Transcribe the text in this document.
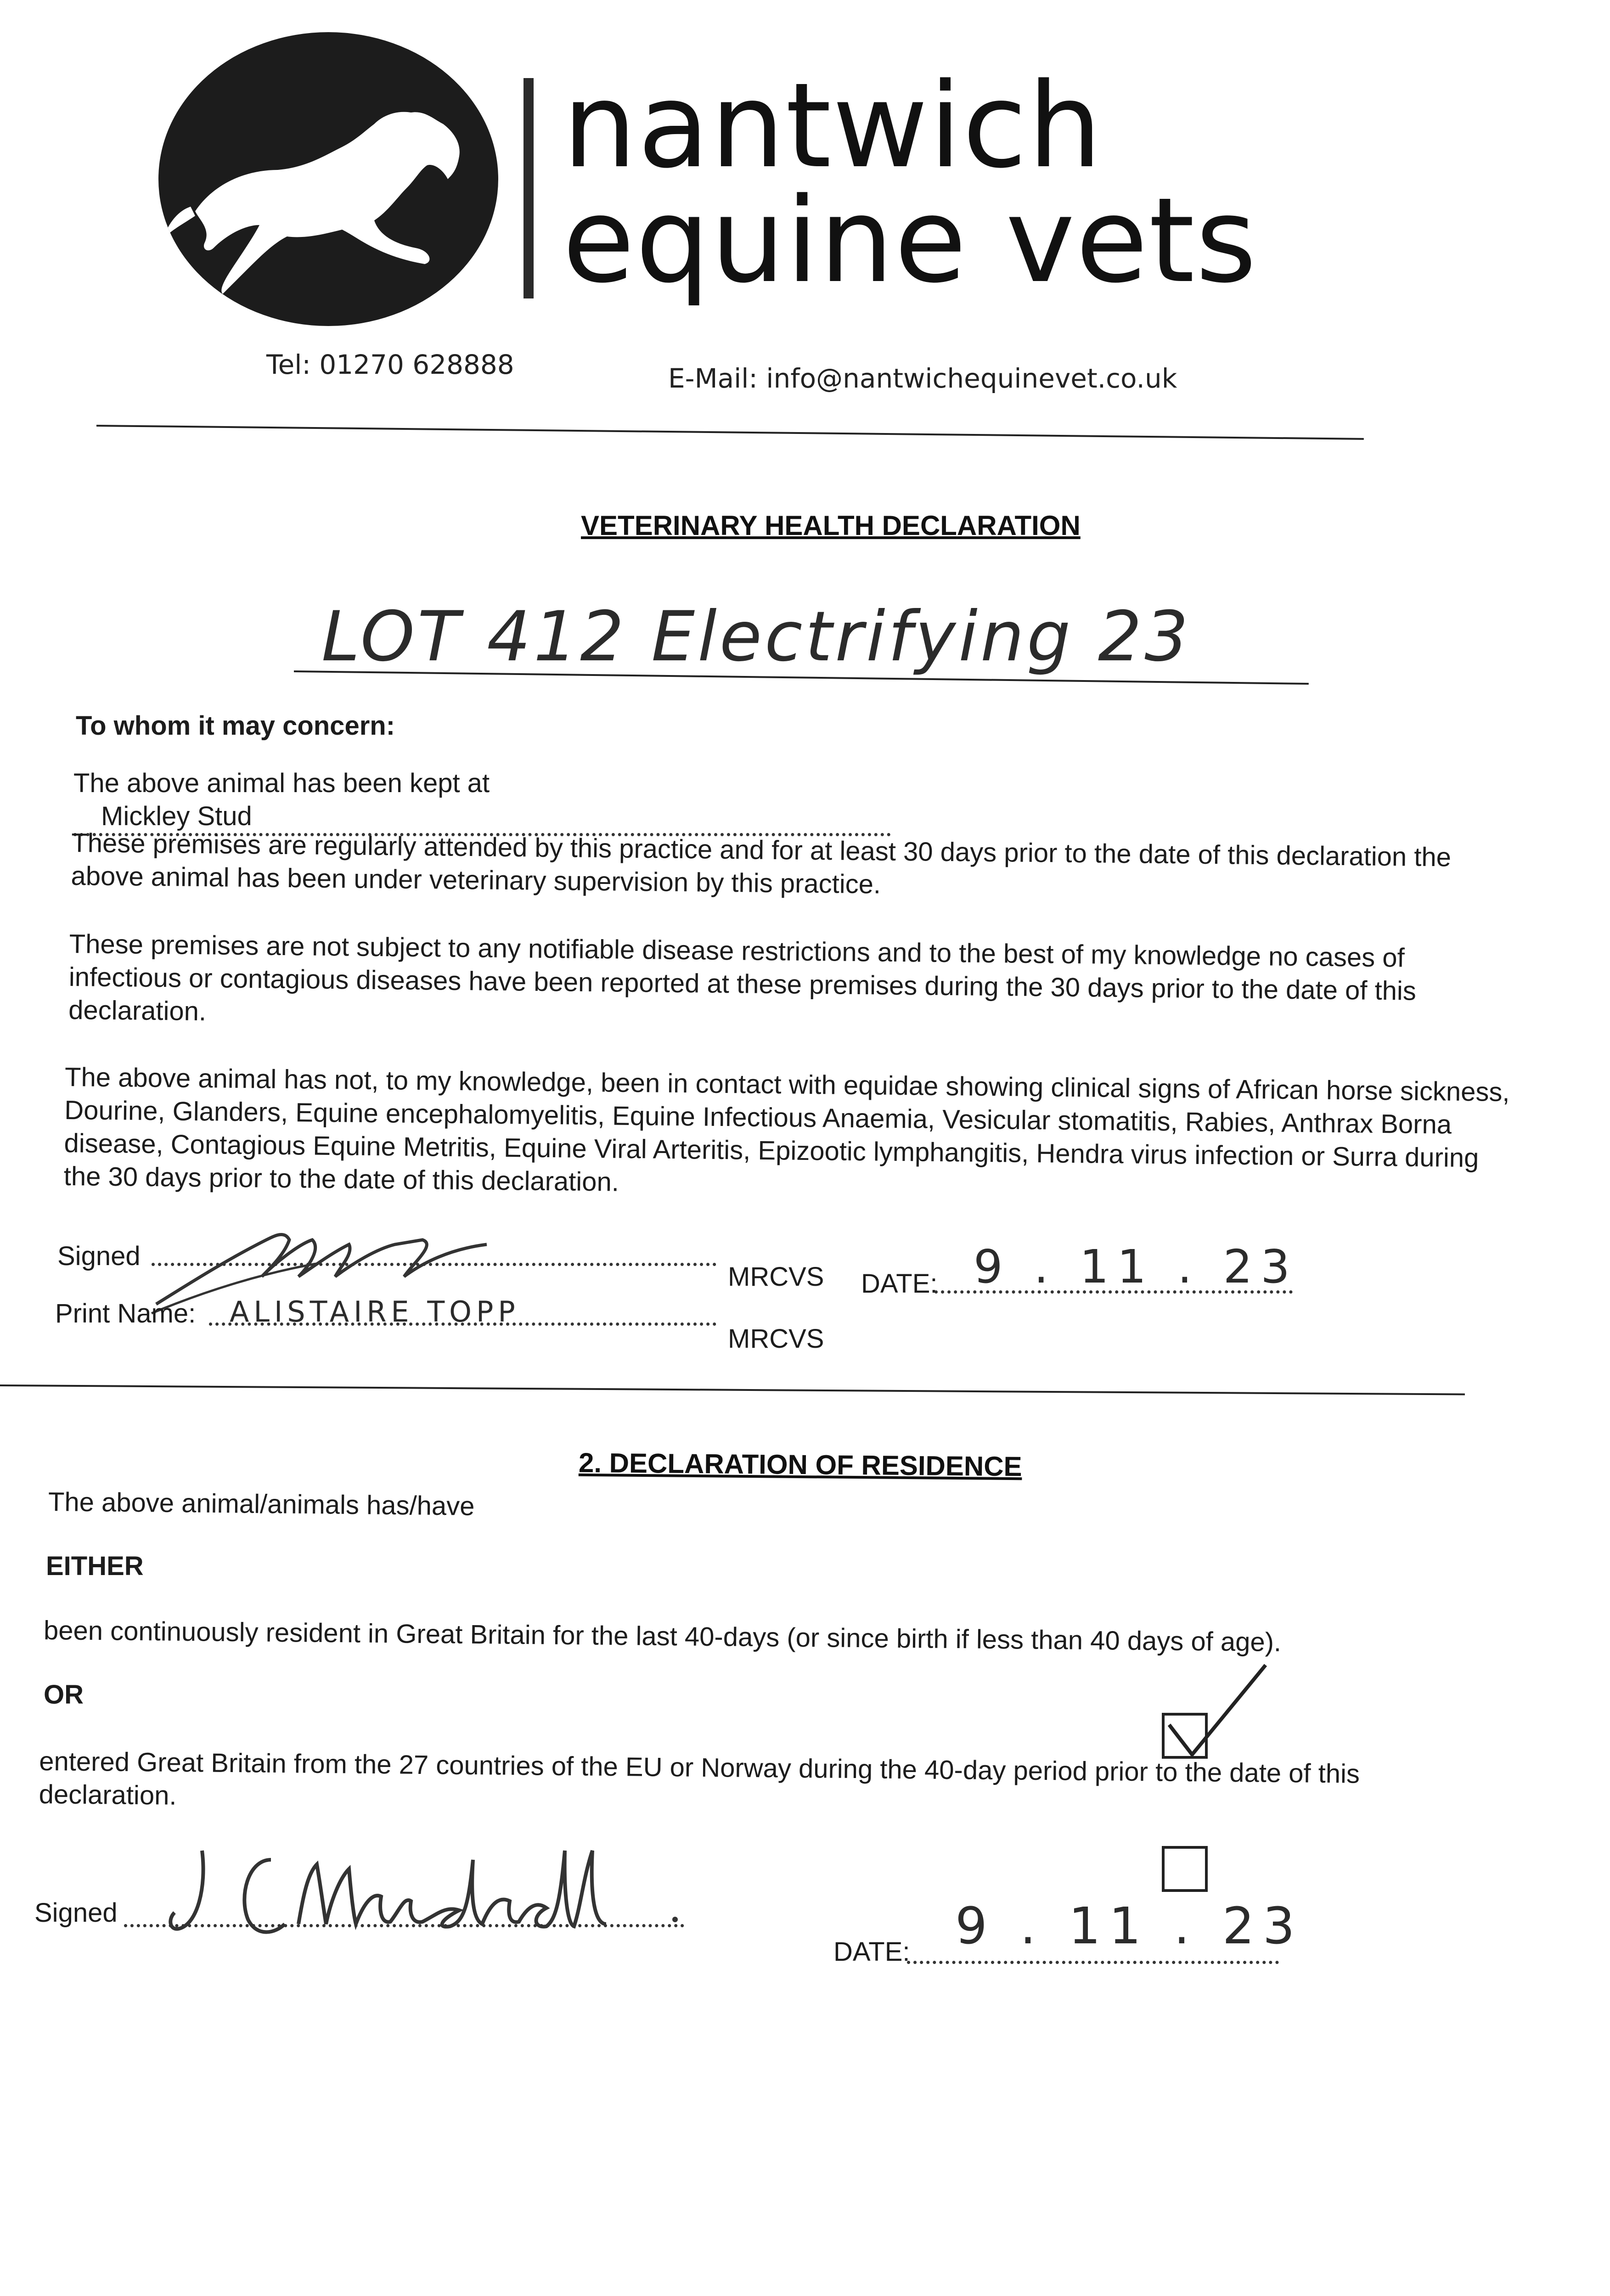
nantwich
equine vets
Tel: 01270 628888	E-Mail: info@nantwichequinevet.co.uk
VETERINARY HEALTH DECLARATION
LOT 412 Electrifying 23
To whom it may concern:
The above animal has been kept at Mickley Stud
These premises are regularly attended by this practice and for at least 30 days prior to the date of this declaration the above animal has been under veterinary supervision by this practice.
These premises are not subject to any notifiable disease restrictions and to the best of my knowledge no cases of infectious or contagious diseases have been reported at these premises during the 30 days prior to the date of this declaration.
The above animal has not, to my knowledge, been in contact with equidae showing clinical signs of African horse sickness, Dourine, Glanders, Equine encephalomyelitis, Equine Infectious Anaemia, Vesicular stomatitis, Rabies, Anthrax Borna disease, Contagious Equine Metritis, Equine Viral Arteritis, Epizootic lymphangitis, Hendra virus infection or Surra during the 30 days prior to the date of this declaration.
Signed
MRCVS DATE: 9 . 11 . 23
Print Name: ALISTAIRE TOPP
MRCVS
2. DECLARATION OF RESIDENCE
The above animal/animals has/have
EITHER
been continuously resident in Great Britain for the last 40-days (or since birth if less than 40 days of age).
OR
entered Great Britain from the 27 countries of the EU or Norway during the 40-day period prior to the date of this declaration.
Signed
DATE: 9 . 11 . 23
